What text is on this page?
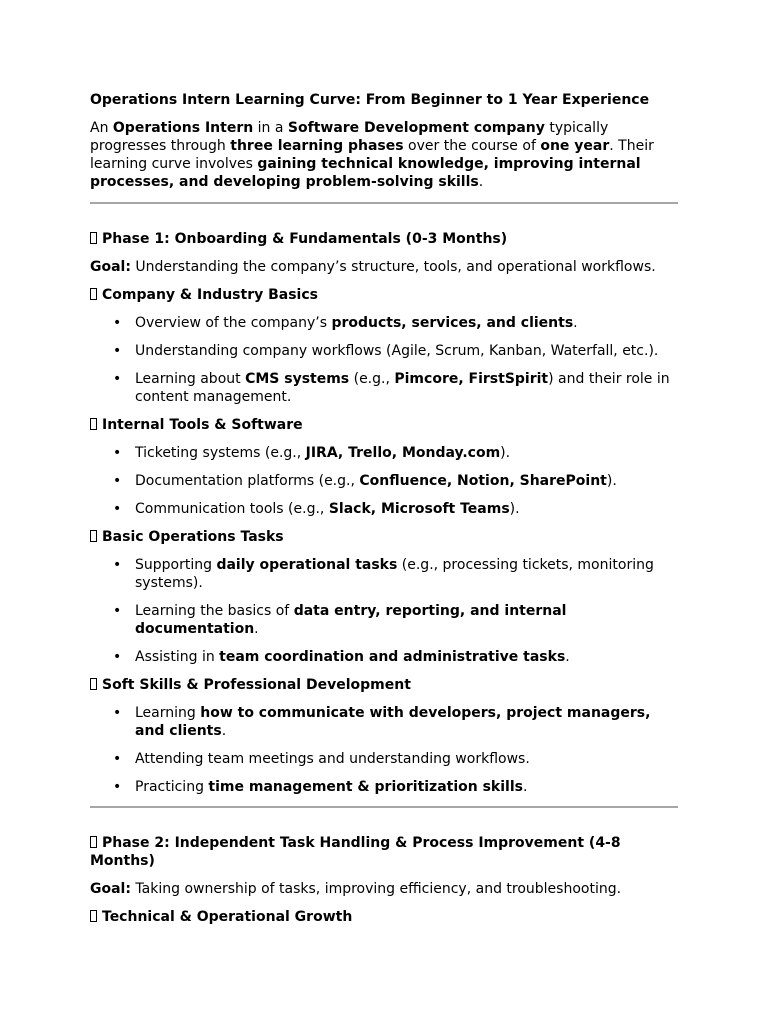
Operations Intern Learning Curve: From Beginner to 1 Year Experience

An Operations Intern in a Software Development company typically progresses through three learning phases over the course of one year. Their learning curve involves gaining technical knowledge, improving internal processes, and developing problem-solving skills.

Phase 1: Onboarding & Fundamentals (0-3 Months)

Goal: Understanding the company’s structure, tools, and operational workflows.

Company & Industry Basics

• Overview of the company’s products, services, and clients.
• Understanding company workflows (Agile, Scrum, Kanban, Waterfall, etc.).
• Learning about CMS systems (e.g., Pimcore, FirstSpirit) and their role in content management.

Internal Tools & Software

• Ticketing systems (e.g., JIRA, Trello, Monday.com).
• Documentation platforms (e.g., Confluence, Notion, SharePoint).
• Communication tools (e.g., Slack, Microsoft Teams).

Basic Operations Tasks

• Supporting daily operational tasks (e.g., processing tickets, monitoring systems).
• Learning the basics of data entry, reporting, and internal documentation.
• Assisting in team coordination and administrative tasks.

Soft Skills & Professional Development

• Learning how to communicate with developers, project managers, and clients.
• Attending team meetings and understanding workflows.
• Practicing time management & prioritization skills.

Phase 2: Independent Task Handling & Process Improvement (4-8 Months)

Goal: Taking ownership of tasks, improving efficiency, and troubleshooting.

Technical & Operational Growth
